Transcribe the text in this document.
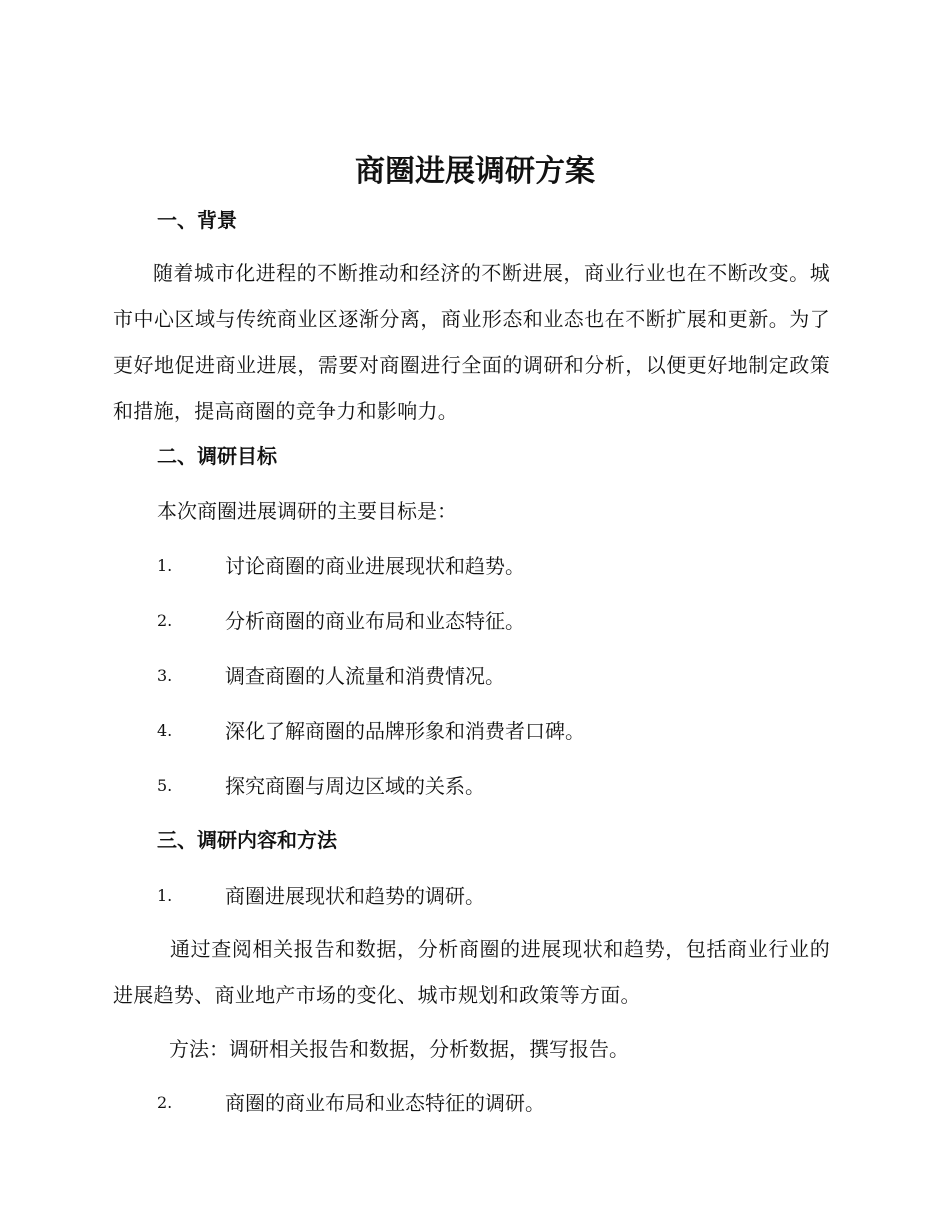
商圈进展调研方案
一、背景

随着城市化进程的不断推动和经济的不断进展，商业行业也在不断改变。城市中心区域与传统商业区逐渐分离，商业形态和业态也在不断扩展和更新。为了更好地促进商业进展，需要对商圈进行全面的调研和分析，以便更好地制定政策和措施，提高商圈的竞争力和影响力。

二、调研目标

本次商圈进展调研的主要目标是：

1.	讨论商圈的商业进展现状和趋势。
2.	分析商圈的商业布局和业态特征。
3.	调查商圈的人流量和消费情况。
4.	深化了解商圈的品牌形象和消费者口碑。
5.	探究商圈与周边区域的关系。
三、调研内容和方法
1.	商圈进展现状和趋势的调研。

通过查阅相关报告和数据，分析商圈的进展现状和趋势，包括商业行业的进展趋势、商业地产市场的变化、城市规划和政策等方面。

方法：调研相关报告和数据，分析数据，撰写报告。

2.	商圈的商业布局和业态特征的调研。
